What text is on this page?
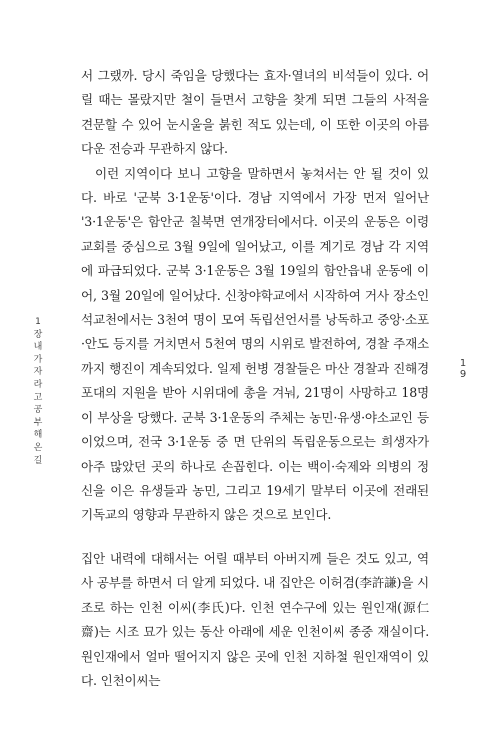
1장 내가 자라고 공부해온 길
19

서 그랬까. 당시 죽임을 당했다는 효자·열녀의 비석들이 있다. 어릴 때는 몰랐지만 철이 들면서 고향을 찾게 되면 그들의 사적을 견문할 수 있어 눈시울을 붉힌 적도 있는데, 이 또한 이곳의 아름다운 전승과 무관하지 않다.

이런 지역이다 보니 고향을 말하면서 놓쳐서는 안 될 것이 있다. 바로 '군북 3·1운동'이다. 경남 지역에서 가장 먼저 일어난 '3·1운동'은 함안군 칠북면 연개장터에서다. 이곳의 운동은 이령교회를 중심으로 3월 9일에 일어났고, 이를 계기로 경남 각 지역에 파급되었다. 군북 3·1운동은 3월 19일의 함안읍내 운동에 이어, 3월 20일에 일어났다. 신창야학교에서 시작하여 거사 장소인 석교천에서는 3천여 명이 모여 독립선언서를 낭독하고 중앙·소포·안도 등지를 거치면서 5천여 명의 시위로 발전하여, 경찰 주재소까지 행진이 계속되었다. 일제 헌병 경찰들은 마산 경찰과 진해경포대의 지원을 받아 시위대에 총을 겨눠, 21명이 사망하고 18명이 부상을 당했다. 군북 3·1운동의 주체는 농민·유생·야소교인 등이었으며, 전국 3·1운동 중 면 단위의 독립운동으로는 희생자가 아주 많았던 곳의 하나로 손꼽힌다. 이는 백이·숙제와 의병의 정신을 이은 유생들과 농민, 그리고 19세기 말부터 이곳에 전래된 기독교의 영향과 무관하지 않은 것으로 보인다.

집안 내력에 대해서는 어릴 때부터 아버지께 들은 것도 있고, 역사 공부를 하면서 더 알게 되었다. 내 집안은 이허겸(李許謙)을 시조로 하는 인천 이씨(李氏)다. 인천 연수구에 있는 원인재(源仁齋)는 시조 묘가 있는 동산 아래에 세운 인천이씨 종중 재실이다. 원인재에서 얼마 떨어지지 않은 곳에 인천 지하철 원인재역이 있다. 인천이씨는
